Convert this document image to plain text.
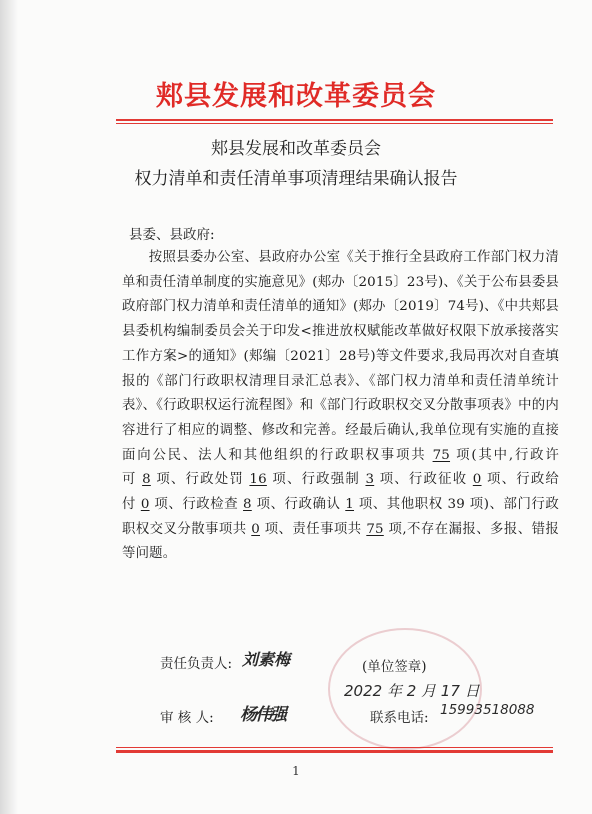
郏县发展和改革委员会
郏县发展和改革委员会
权力清单和责任清单事项清理结果确认报告
县委、县政府:

按照县委办公室、县政府办公室《关于推行全县政府工作部门权力清单和责任清单制度的实施意见》(郏办〔2015〕23号)、《关于公布县委县政府部门权力清单和责任清单的通知》(郏办〔2019〕74号)、《中共郏县县委机构编制委员会关于印发<推进放权赋能改革做好权限下放承接落实工作方案>的通知》(郏编〔2021〕28号)等文件要求,我局再次对自查填报的《部门行政职权清理目录汇总表》、《部门权力清单和责任清单统计表》、《行政职权运行流程图》和《部门行政职权交叉分散事项表》中的内容进行了相应的调整、修改和完善。经最后确认,我单位现有实施的直接面向公民、法人和其他组织的行政职权事项共 75 项(其中,行政许可 8 项、行政处罚 16 项、行政强制 3 项、行政征收 0 项、行政给付 0 项、行政检查 8 项、行政确认 1 项、其他职权 39 项)、部门行政职权交叉分散事项共 0 项、责任事项共 75 项,不存在漏报、多报、错报等问题。

责任负责人: 刘素梅	(单位签章)
2022 年 2 月 17 日
审 核 人: 杨伟强	联系电话: 15993518088
1
